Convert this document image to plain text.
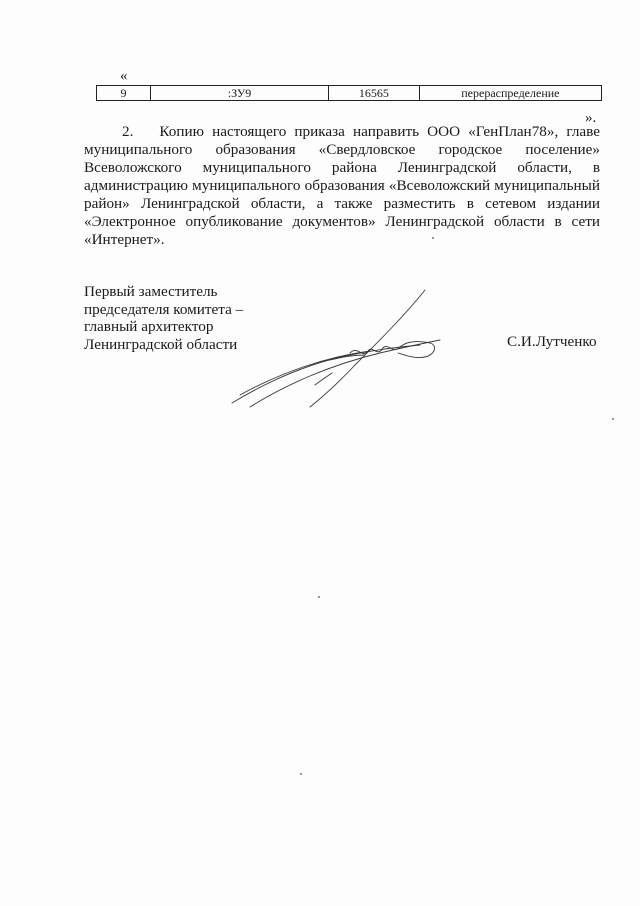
«
9	:ЗУ9	16565	перераспределение
».
2. Копию настоящего приказа направить ООО «ГенПлан78», главе муниципального образования «Свердловское городское поселение» Всеволожского муниципального района Ленинградской области, в администрацию муниципального образования «Всеволожский муниципальный район» Ленинградской области, а также разместить в сетевом издании «Электронное опубликование документов» Ленинградской области в сети «Интернет».
Первый заместитель
председателя комитета –
главный архитектор
Ленинградской области	С.И.Лутченко
